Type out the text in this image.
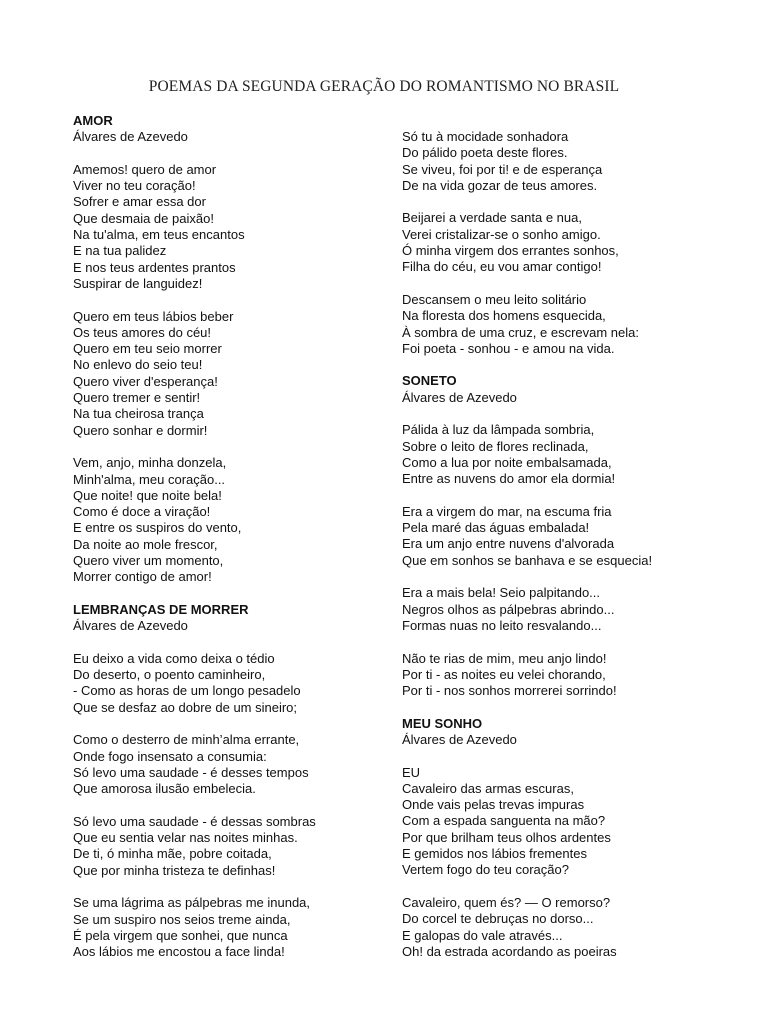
POEMAS DA SEGUNDA GERAÇÃO DO ROMANTISMO NO BRASIL
AMOR
Álvares de Azevedo
Amemos! quero de amor
Viver no teu coração!
Sofrer e amar essa dor
Que desmaia de paixão!
Na tu'alma, em teus encantos
E na tua palidez
E nos teus ardentes prantos
Suspirar de languidez!
Quero em teus lábios beber
Os teus amores do céu!
Quero em teu seio morrer
No enlevo do seio teu!
Quero viver d'esperança!
Quero tremer e sentir!
Na tua cheirosa trança
Quero sonhar e dormir!
Vem, anjo, minha donzela,
Minh'alma, meu coração...
Que noite! que noite bela!
Como é doce a viração!
E entre os suspiros do vento,
Da noite ao mole frescor,
Quero viver um momento,
Morrer contigo de amor!
LEMBRANÇAS DE MORRER
Álvares de Azevedo
Eu deixo a vida como deixa o tédio
Do deserto, o poento caminheiro,
- Como as horas de um longo pesadelo
Que se desfaz ao dobre de um sineiro;
Como o desterro de minh’alma errante,
Onde fogo insensato a consumia:
Só levo uma saudade - é desses tempos
Que amorosa ilusão embelecia.
Só levo uma saudade - é dessas sombras
Que eu sentia velar nas noites minhas.
De ti, ó minha mãe, pobre coitada,
Que por minha tristeza te definhas!
Se uma lágrima as pálpebras me inunda,
Se um suspiro nos seios treme ainda,
É pela virgem que sonhei, que nunca
Aos lábios me encostou a face linda!
Só tu à mocidade sonhadora
Do pálido poeta deste flores.
Se viveu, foi por ti! e de esperança
De na vida gozar de teus amores.
Beijarei a verdade santa e nua,
Verei cristalizar-se o sonho amigo.
Ó minha virgem dos errantes sonhos,
Filha do céu, eu vou amar contigo!
Descansem o meu leito solitário
Na floresta dos homens esquecida,
À sombra de uma cruz, e escrevam nela:
Foi poeta - sonhou - e amou na vida.
SONETO
Álvares de Azevedo
Pálida à luz da lâmpada sombria,
Sobre o leito de flores reclinada,
Como a lua por noite embalsamada,
Entre as nuvens do amor ela dormia!
Era a virgem do mar, na escuma fria
Pela maré das águas embalada!
Era um anjo entre nuvens d'alvorada
Que em sonhos se banhava e se esquecia!
Era a mais bela! Seio palpitando...
Negros olhos as pálpebras abrindo...
Formas nuas no leito resvalando...
Não te rias de mim, meu anjo lindo!
Por ti - as noites eu velei chorando,
Por ti - nos sonhos morrerei sorrindo!
MEU SONHO
Álvares de Azevedo
EU
Cavaleiro das armas escuras,
Onde vais pelas trevas impuras
Com a espada sanguenta na mão?
Por que brilham teus olhos ardentes
E gemidos nos lábios frementes
Vertem fogo do teu coração?
Cavaleiro, quem és? — O remorso?
Do corcel te debruças no dorso...
E galopas do vale através...
Oh! da estrada acordando as poeiras
